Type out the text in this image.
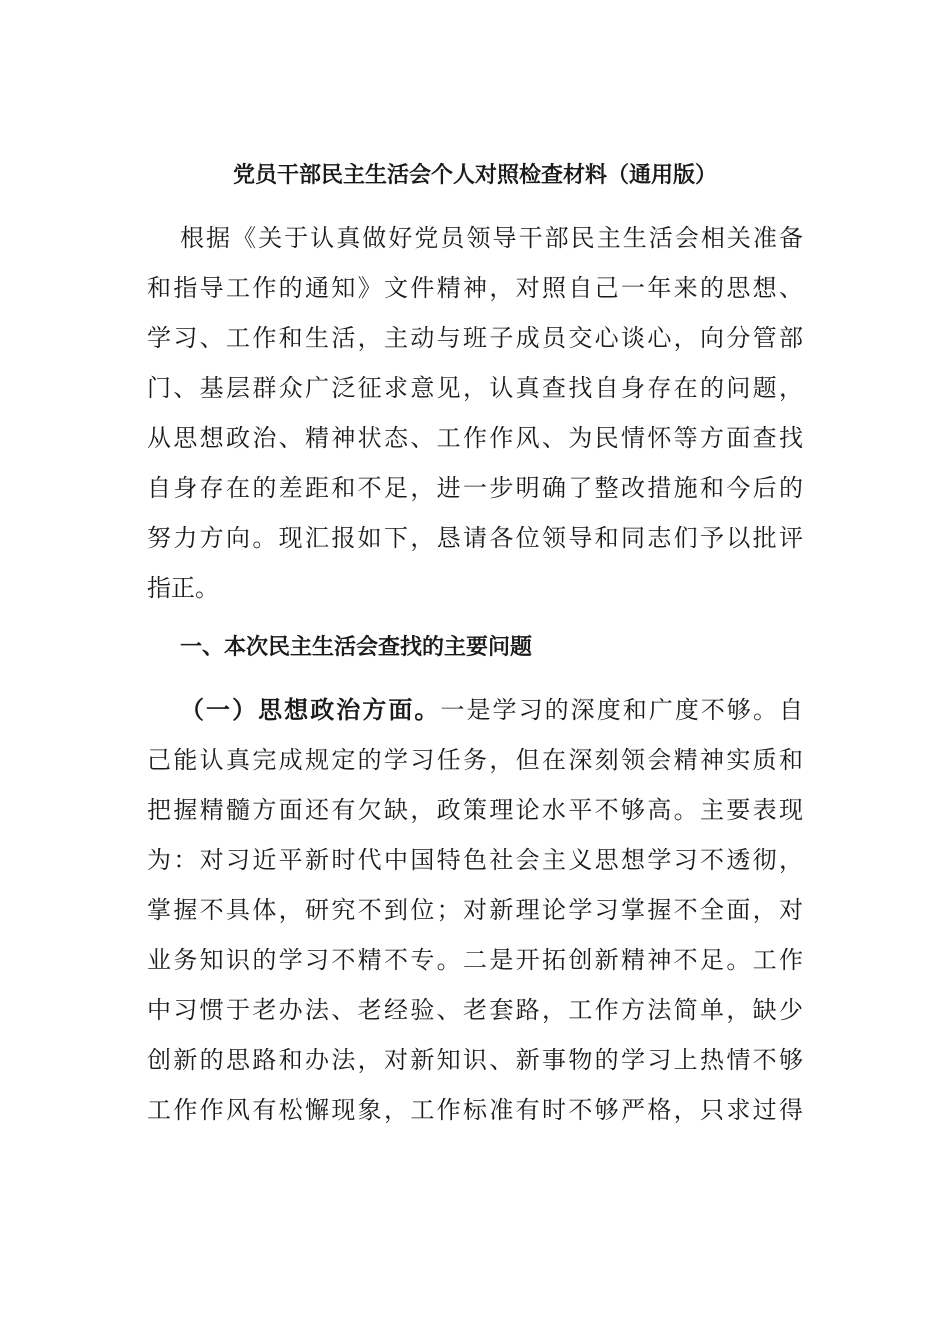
党员干部民主生活会个人对照检查材料（通用版）
根据《关于认真做好党员领导干部民主生活会相关准备
和指导工作的通知》文件精神，对照自己一年来的思想、
学习、工作和生活，主动与班子成员交心谈心，向分管部
门、基层群众广泛征求意见，认真查找自身存在的问题，
从思想政治、精神状态、工作作风、为民情怀等方面查找
自身存在的差距和不足，进一步明确了整改措施和今后的
努力方向。现汇报如下，恳请各位领导和同志们予以批评
指正。
一、本次民主生活会查找的主要问题
（一）思想政治方面。一是学习的深度和广度不够。自
己能认真完成规定的学习任务，但在深刻领会精神实质和
把握精髓方面还有欠缺，政策理论水平不够高。主要表现
为：对习近平新时代中国特色社会主义思想学习不透彻，
掌握不具体，研究不到位；对新理论学习掌握不全面，对
业务知识的学习不精不专。二是开拓创新精神不足。工作
中习惯于老办法、老经验、老套路，工作方法简单，缺少
创新的思路和办法，对新知识、新事物的学习上热情不够
工作作风有松懈现象，工作标准有时不够严格，只求过得
